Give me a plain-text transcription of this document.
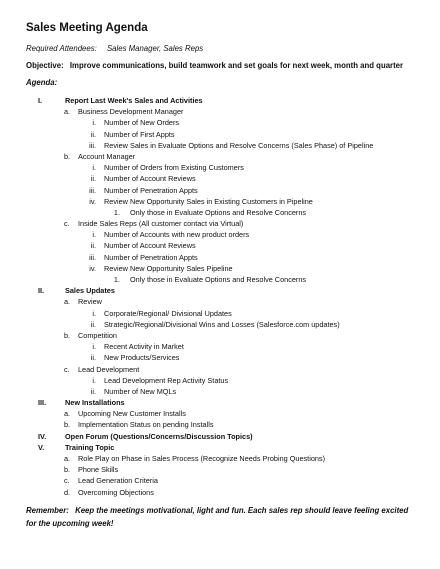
Sales Meeting Agenda
Required Attendees: Sales Manager, Sales Reps
Objective: Improve communications, build teamwork and set goals for next week, month and quarter
Agenda:
I.	Report Last Week's Sales and Activities
a.	Business Development Manager
i. Number of New Orders
ii. Number of First Appts
iii. Review Sales in Evaluate Options and Resolve Concerns (Sales Phase) of Pipeline
b.	Account Manager
i. Number of Orders from Existing Customers
ii. Number of Account Reviews
iii. Number of Penetration Appts
iv. Review New Opportunity Sales in Existing Customers in Pipeline
1. Only those in Evaluate Options and Resolve Concerns
c.	Inside Sales Reps (All customer contact via Virtual)
i. Number of Accounts with new product orders
ii. Number of Account Reviews
iii. Number of Penetration Appts
iv. Review New Opportunity Sales Pipeline
1. Only those in Evaluate Options and Resolve Concerns
II.	Sales Updates
a.	Review
i. Corporate/Regional/ Divisional Updates
ii. Strategic/Regional/Divisional Wins and Losses (Salesforce.com updates)
b.	Competition
i. Recent Activity in Market
ii. New Products/Services
c.	Lead Development
i. Lead Development Rep Activity Status
ii. Number of New MQLs
III.	New Installations
a.	Upcoming New Customer Installs
b.	Implementation Status on pending Installs
IV.	Open Forum (Questions/Concerns/Discussion Topics)
V.	Training Topic
a.	Role Play on Phase in Sales Process (Recognize Needs Probing Questions)
b.	Phone Skills
c.	Lead Generation Criteria
d.	Overcoming Objections
Remember: Keep the meetings motivational, light and fun. Each sales rep should leave feeling excited for the upcoming week!
